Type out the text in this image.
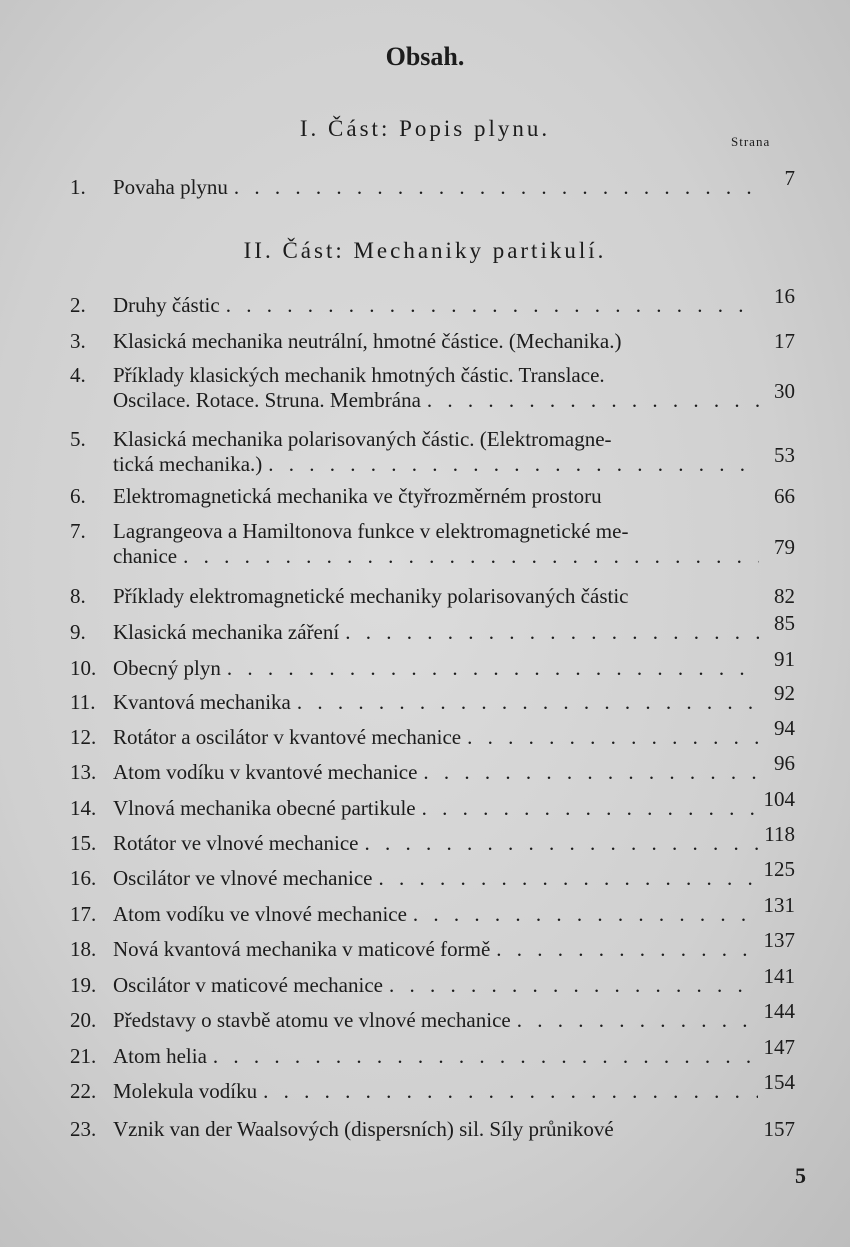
Obsah.
I. Část: Popis plynu.
Strana
II. Část: Mechaniky partikulí.
1.	Povaha plynu . . .	7
2.	Druhy částic . . .	16
3.	Klasická mechanika neutrální, hmotné částice. (Mechanika.)	17
4.	Příklady klasických mechanik hmotných částic. Translace.
Oscilace. Rotace. Struna. Membrána . . .	30
5.	Klasická mechanika polarisovaných částic. (Elektromagne-
tická mechanika.) . . .	53
6.	Elektromagnetická mechanika ve čtyřrozměrném prostoru	66
7.	Lagrangeova a Hamiltonova funkce v elektromagnetické me-
chanice . . .	79
8.	Příklady elektromagnetické mechaniky polarisovaných částic	82
9.	Klasická mechanika záření . . .	85
10. Obecný plyn . . .	91
11. Kvantová mechanika . . .	92
12. Rotátor a oscilátor v kvantové mechanice . . .	94
13. Atom vodíku v kvantové mechanice . . .	96
14. Vlnová mechanika obecné partikule . . .	104
15. Rotátor ve vlnové mechanice . . .	118
16. Oscilátor ve vlnové mechanice . . .	125
17. Atom vodíku ve vlnové mechanice . . .	131
18. Nová kvantová mechanika v maticové formě . . .	137
19. Oscilátor v maticové mechanice . . .	141
20. Představy o stavbě atomu ve vlnové mechanice . . .	144
21. Atom helia . . .	147
22. Molekula vodíku . . .	154
23. Vznik van der Waalsových (dispersních) sil. Síly průnikové	157
5
